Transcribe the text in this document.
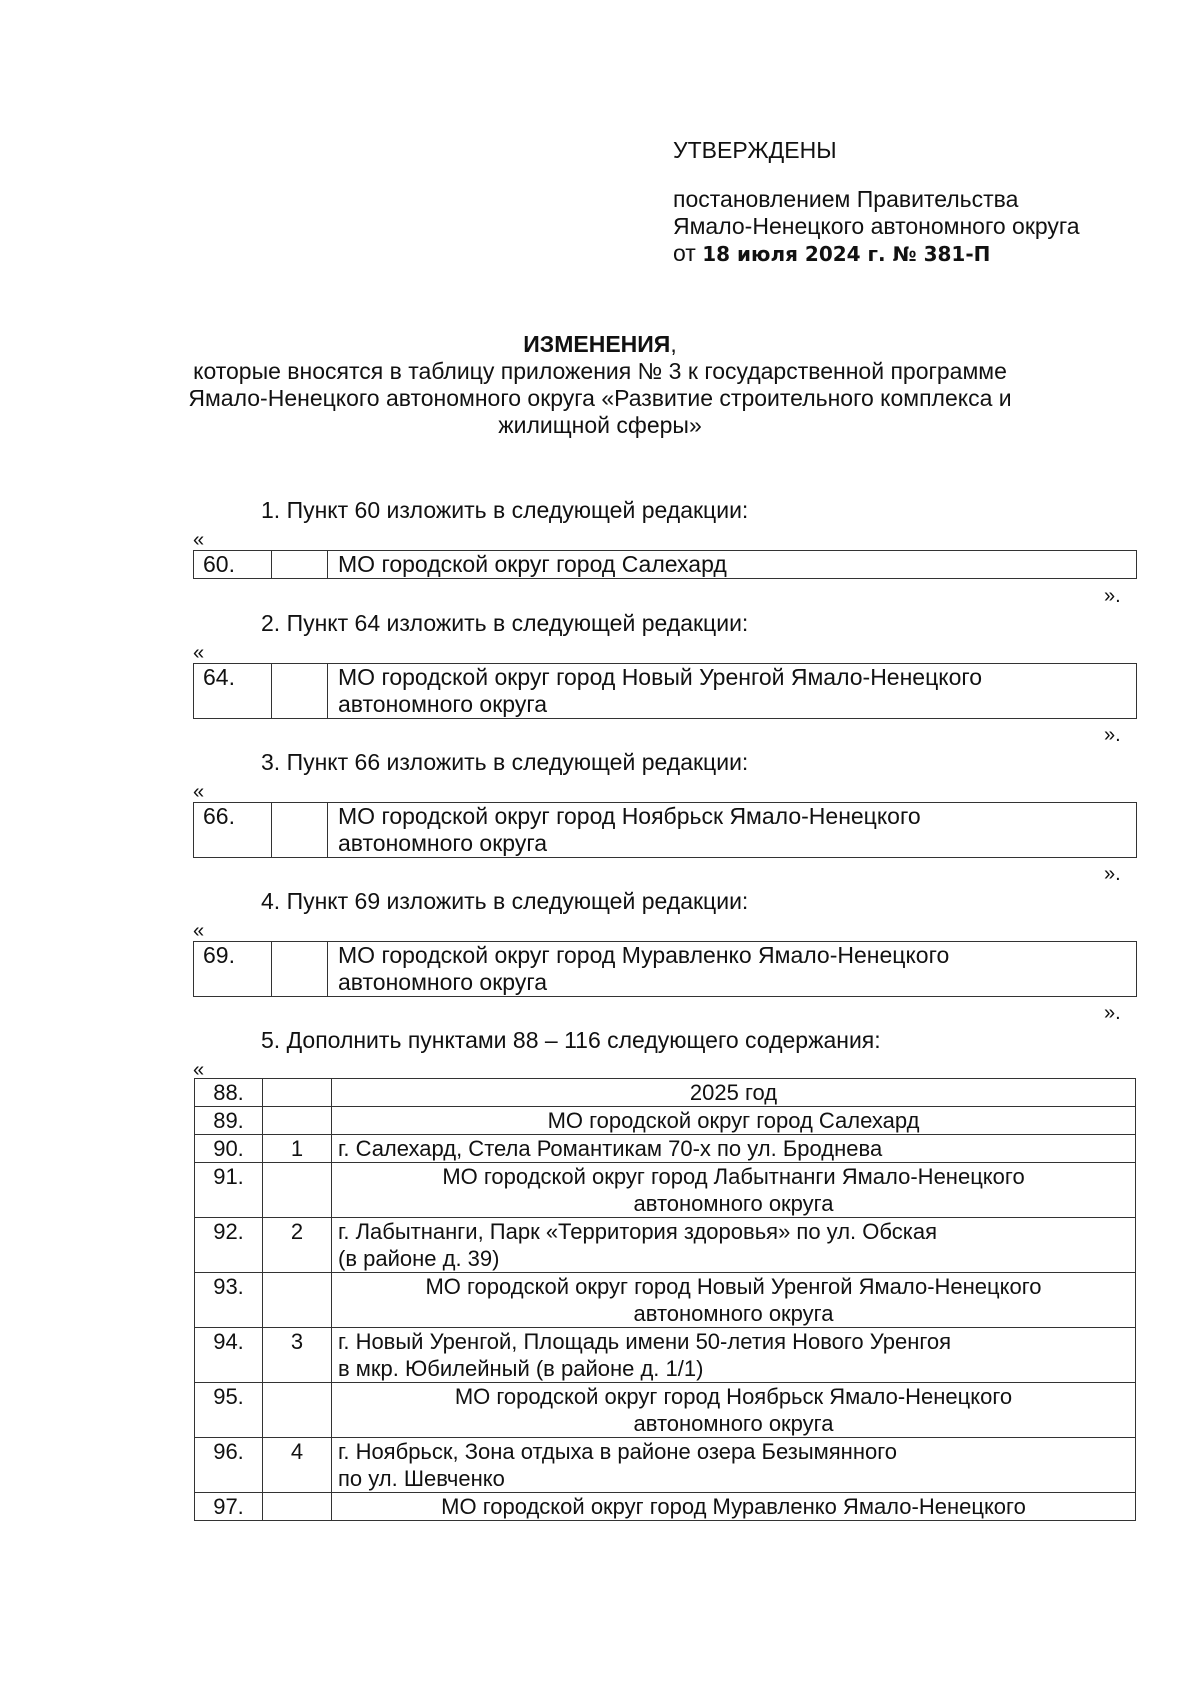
УТВЕРЖДЕНЫ
постановлением Правительства
Ямало-Ненецкого автономного округа
от 18 июля 2024 г. № 381-П
ИЗМЕНЕНИЯ,
которые вносятся в таблицу приложения № 3 к государственной программе
Ямало-Ненецкого автономного округа «Развитие строительного комплекса и
жилищной сферы»
1. Пункт 60 изложить в следующей редакции:
«
60.		МО городской округ город Салехард
».
2. Пункт 64 изложить в следующей редакции:
«
64.		МО городской округ город Новый Уренгой Ямало-Ненецкого
автономного округа
».
3. Пункт 66 изложить в следующей редакции:
«
66.		МО городской округ город Ноябрьск Ямало-Ненецкого
автономного округа
».
4. Пункт 69 изложить в следующей редакции:
«
69.		МО городской округ город Муравленко Ямало-Ненецкого
автономного округа
».
5. Дополнить пунктами 88 – 116 следующего содержания:
«
88.		2025 год

89.		МО городской округ город Салехард

90.	1	г. Салехард, Стела Романтикам 70-х по ул. Броднева

91.		МО городской округ город Лабытнанги Ямало-Ненецкого
автономного округа

92.	2	г. Лабытнанги, Парк «Территория здоровья» по ул. Обская
(в районе д. 39)

93.		МО городской округ город Новый Уренгой Ямало-Ненецкого
автономного округа

94.	3	г. Новый Уренгой, Площадь имени 50-летия Нового Уренгоя
в мкр. Юбилейный (в районе д. 1/1)

95.		МО городской округ город Ноябрьск Ямало-Ненецкого
автономного округа

96.	4	г. Ноябрьск, Зона отдыха в районе озера Безымянного
по ул. Шевченко

97.		МО городской округ город Муравленко Ямало-Ненецкого
